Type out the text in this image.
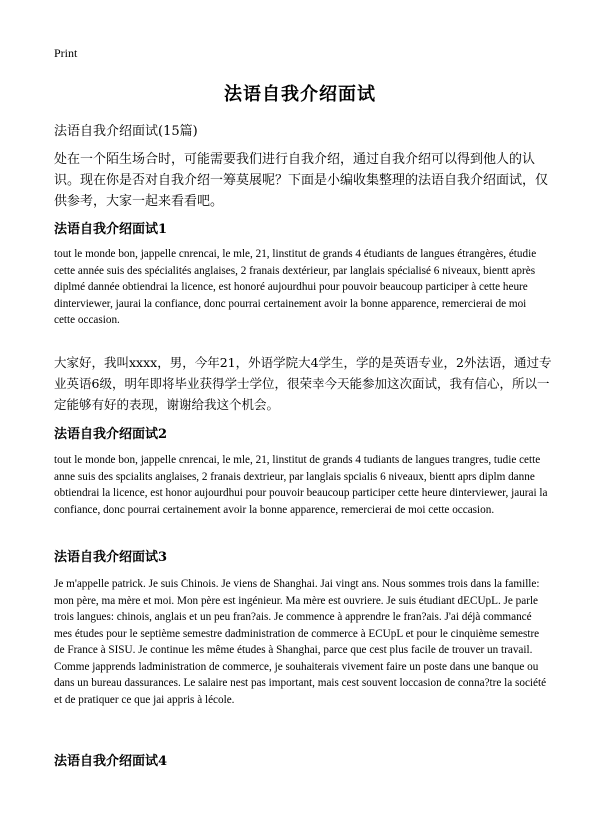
Print
法语自我介绍面试
法语自我介绍面试(15篇)

处在一个陌生场合时，可能需要我们进行自我介绍，通过自我介绍可以得到他人的认识。现在你是否对自我介绍一筹莫展呢？下面是小编收集整理的法语自我介绍面试，仅供参考，大家一起来看看吧。

法语自我介绍面试1

tout le monde bon, jappelle cnrencai, le mle, 21, linstitut de grands 4 étudiants de langues étrangères, étudie cette année suis des spécialités anglaises, 2 franais dextérieur, par langlais spécialisé 6 niveaux, bientt après diplmé dannée obtiendrai la licence, est honoré aujourdhui pour pouvoir beaucoup participer à cette heure dinterviewer, jaurai la confiance, donc pourrai certainement avoir la bonne apparence, remercierai de moi cette occasion.

大家好，我叫xxxx，男，今年21，外语学院大4学生，学的是英语专业，2外法语，通过专业英语6级，明年即将毕业获得学士学位，很荣幸今天能参加这次面试，我有信心，所以一定能够有好的表现，谢谢给我这个机会。

法语自我介绍面试2

tout le monde bon, jappelle cnrencai, le mle, 21, linstitut de grands 4 tudiants de langues trangres, tudie cette anne suis des spcialits anglaises, 2 franais dextrieur, par langlais spcialis 6 niveaux, bientt aprs diplm danne obtiendrai la licence, est honor aujourdhui pour pouvoir beaucoup participer cette heure dinterviewer, jaurai la confiance, donc pourrai certainement avoir la bonne apparence, remercierai de moi cette occasion.

法语自我介绍面试3

Je m'appelle patrick. Je suis Chinois. Je viens de Shanghai. Jai vingt ans. Nous sommes trois dans la famille: mon père, ma mère et moi. Mon père est ingénieur. Ma mère est ouvriere. Je suis étudiant dECUpL. Je parle trois langues: chinois, anglais et un peu fran?ais. Je commence à apprendre le fran?ais. J'ai déjà commancé mes études pour le septième semestre dadministration de commerce à ECUpL et pour le cinquième semestre de France à SISU. Je continue les même études à Shanghai, parce que cest plus facile de trouver un travail. Comme japprends ladministration de commerce, je souhaiterais vivement faire un poste dans une banque ou dans un bureau dassurances. Le salaire nest pas important, mais cest souvent loccasion de conna?tre la société et de pratiquer ce que jai appris à lécole.

法语自我介绍面试4
